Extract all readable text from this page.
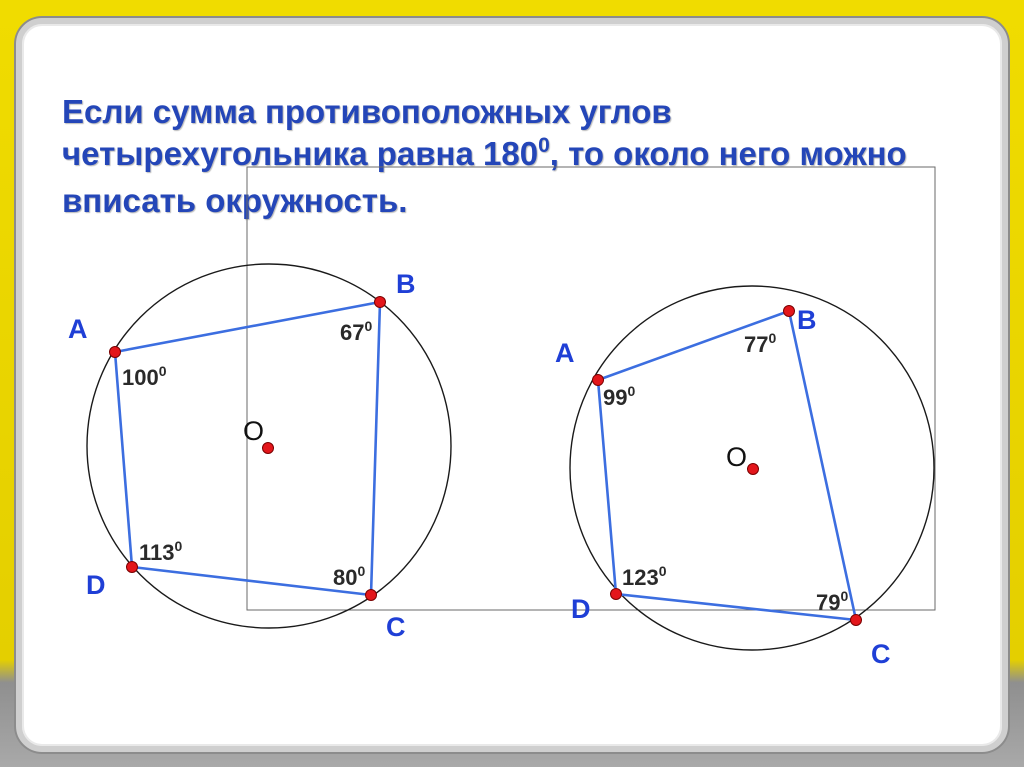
Если сумма противоположных углов
четырехугольника равна $180^0$, то около него можно
вписать окружность.
O
A
B
C
D
$100^0$
$67^0$
$80^0$
$113^0$
O
A
B
C
D
$99^0$
$77^0$
$79^0$
$123^0$
